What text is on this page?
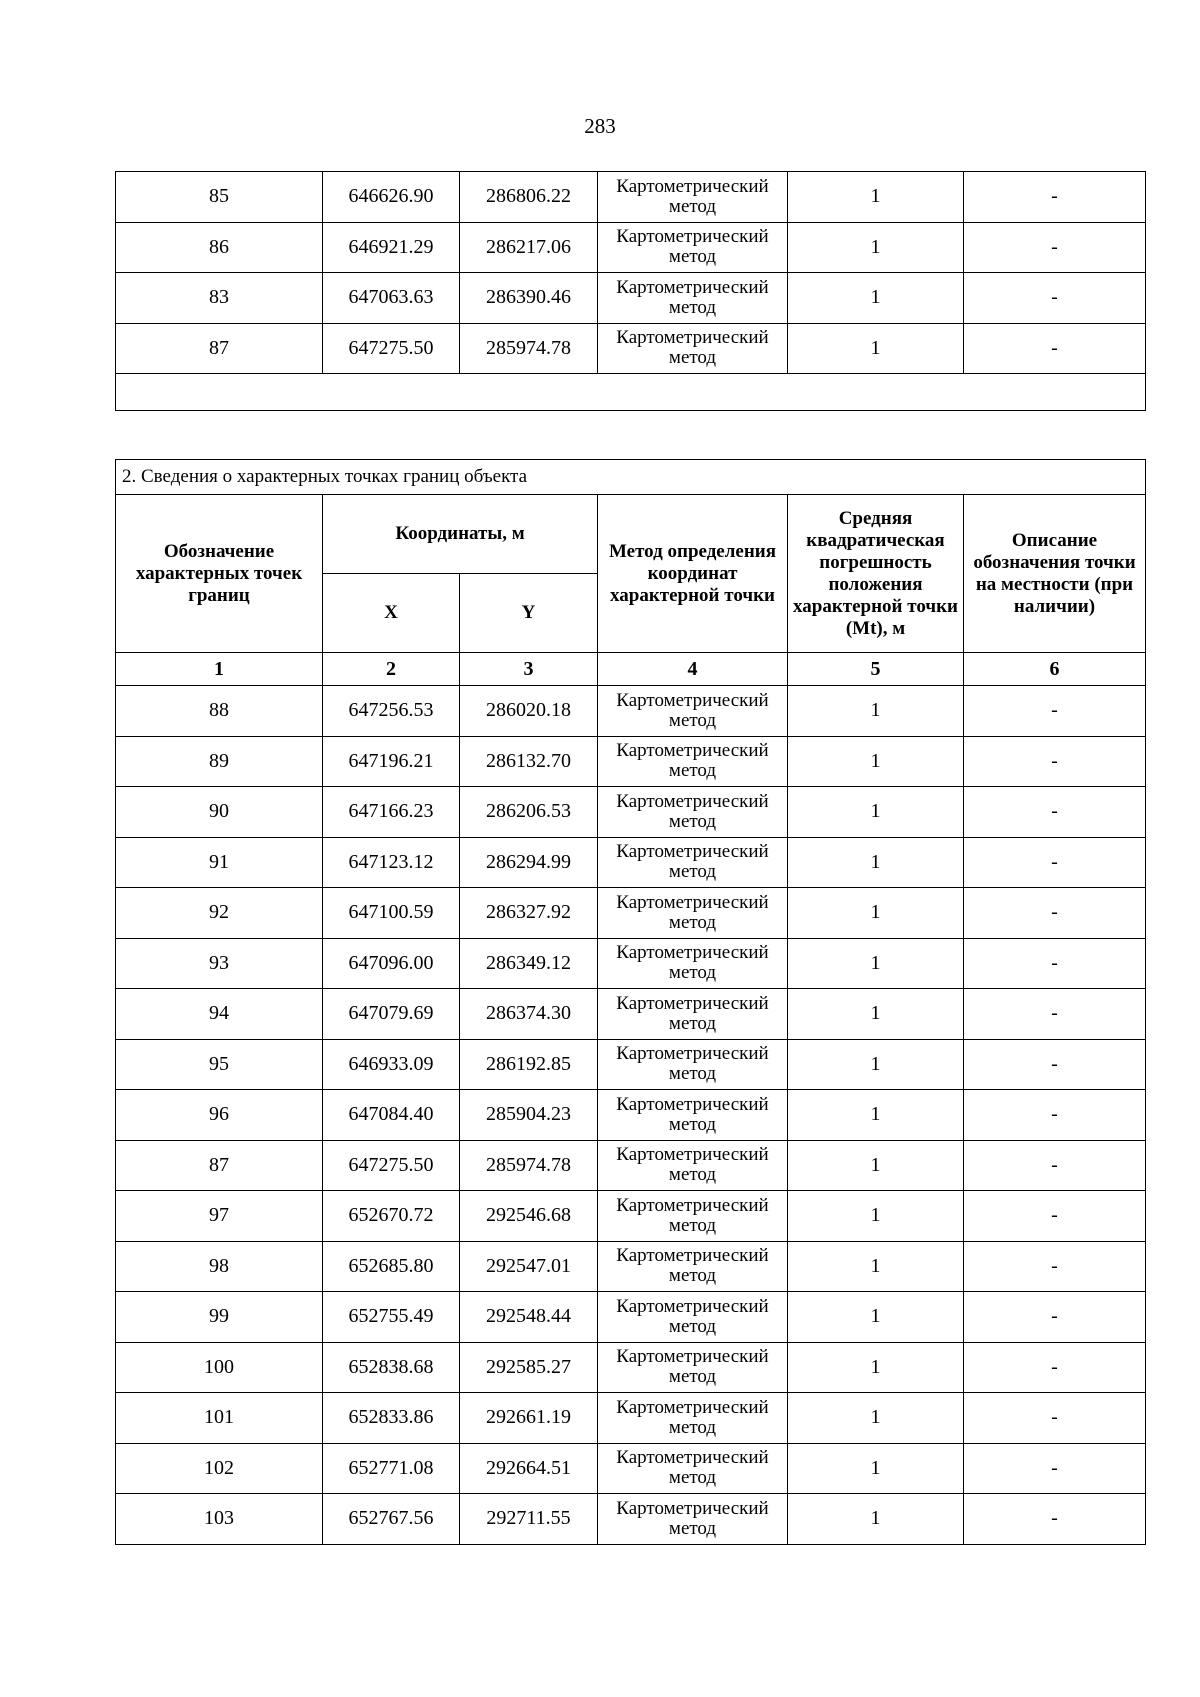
283
85	646626.90	286806.22	Картометрический метод	1	-
86	646921.29	286217.06	Картометрический метод	1	-
83	647063.63	286390.46	Картометрический метод	1	-
87	647275.50	285974.78	Картометрический метод	1	-

2. Сведения о характерных точках границ объекта					
Обозначение характерных точек границ	Координаты, м		Метод определения координат характерной точки	Средняя квадратическая погрешность положения характерной точки (Mt), м	Описание обозначения точки на местности (при наличии)
	X	Y			
1	2	3	4	5	6
88	647256.53	286020.18	Картометрический метод	1	-
89	647196.21	286132.70	Картометрический метод	1	-
90	647166.23	286206.53	Картометрический метод	1	-
91	647123.12	286294.99	Картометрический метод	1	-
92	647100.59	286327.92	Картометрический метод	1	-
93	647096.00	286349.12	Картометрический метод	1	-
94	647079.69	286374.30	Картометрический метод	1	-
95	646933.09	286192.85	Картометрический метод	1	-
96	647084.40	285904.23	Картометрический метод	1	-
87	647275.50	285974.78	Картометрический метод	1	-
97	652670.72	292546.68	Картометрический метод	1	-
98	652685.80	292547.01	Картометрический метод	1	-
99	652755.49	292548.44	Картометрический метод	1	-
100	652838.68	292585.27	Картометрический метод	1	-
101	652833.86	292661.19	Картометрический метод	1	-
102	652771.08	292664.51	Картометрический метод	1	-
103	652767.56	292711.55	Картометрический метод	1	-
